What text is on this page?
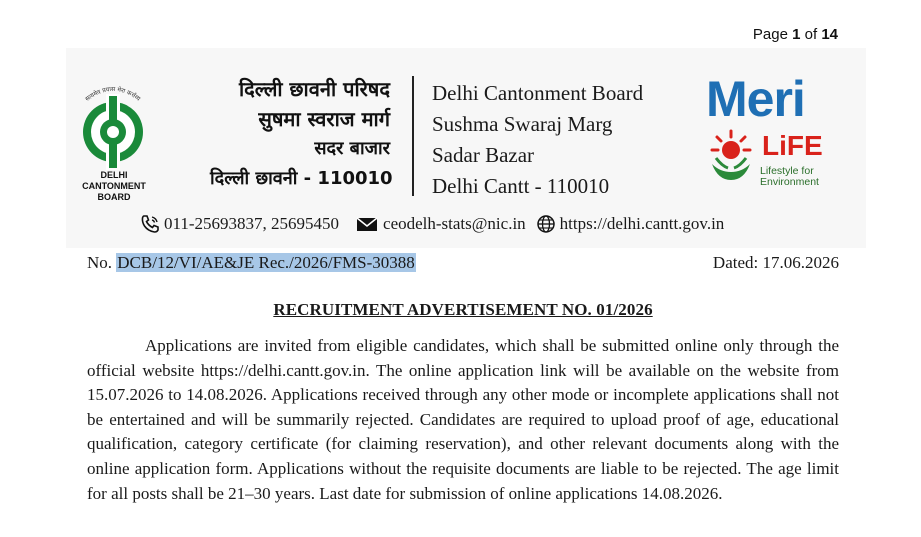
Page 1 of 14
सत्यमेव प्रयास मेरा कर्त्तव्य
DELHI
CANTONMENT
BOARD
दिल्ली छावनी परिषद
सुषमा स्वराज मार्ग
सदर बाजार
दिल्ली छावनी - 110010
Delhi Cantonment Board
Sushma Swaraj Marg
Sadar Bazar
Delhi Cantt - 110010
Meri
LiFE
Lifestyle for
Environment
011-25693837, 25695450	ceodelh-stats@nic.in https://delhi.cantt.gov.in
No. DCB/12/VI/AE&JE Rec./2026/FMS-30388	Dated: 17.06.2026
RECRUITMENT ADVERTISEMENT NO. 01/2026

Applications are invited from eligible candidates, which shall be submitted online only through the official website https://delhi.cantt.gov.in. The online application link will be available on the website from 15.07.2026 to 14.08.2026. Applications received through any other mode or incomplete applications shall not be entertained and will be summarily rejected. Candidates are required to upload proof of age, educational qualification, category certificate (for claiming reservation), and other relevant documents along with the online application form. Applications without the requisite documents are liable to be rejected. The age limit for all posts shall be 21–30 years. Last date for submission of online applications 14.08.2026.
